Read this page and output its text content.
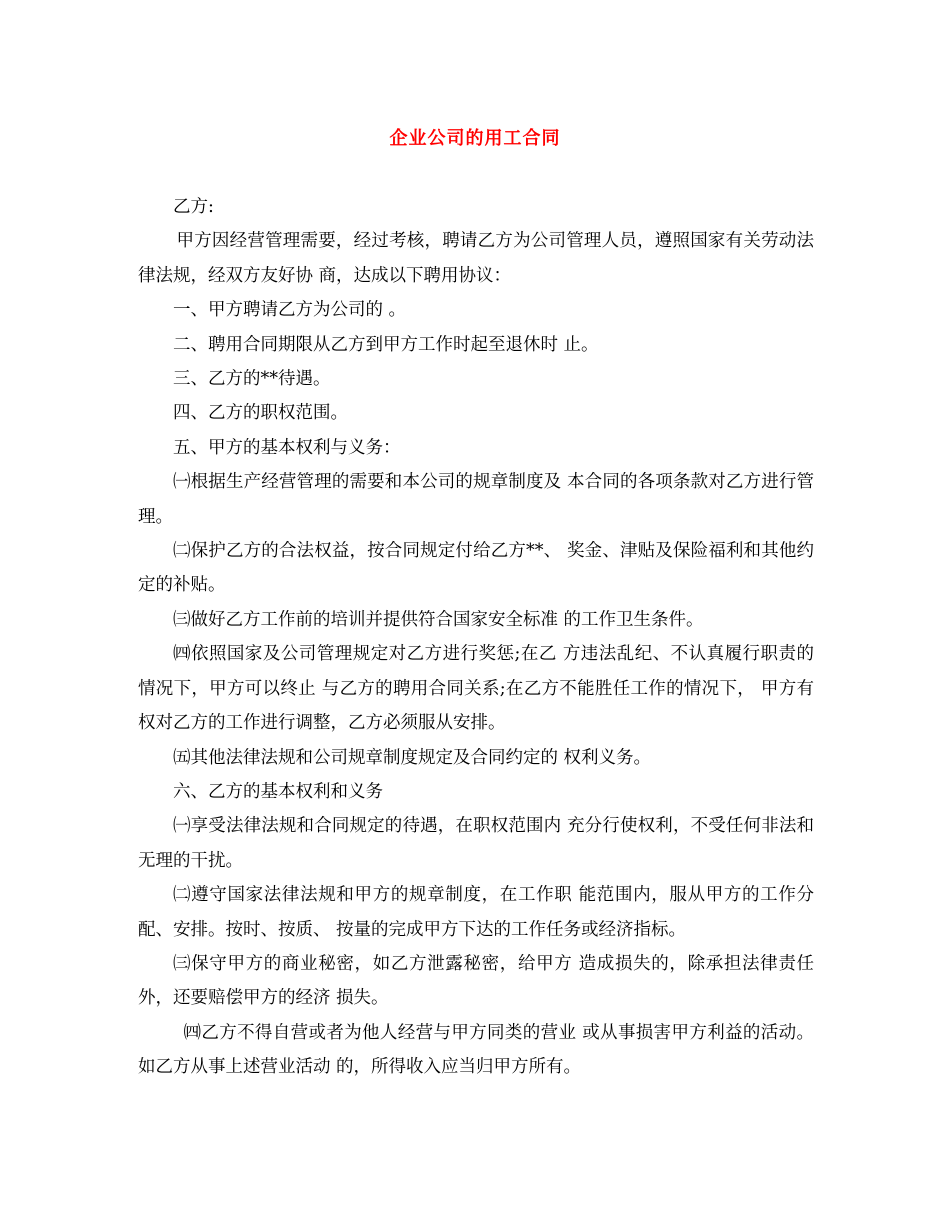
企业公司的用工合同

乙方:

甲方因经营管理需要，经过考核，聘请乙方为公司管理人员，遵照国家有关劳动法律法规，经双方友好协 商，达成以下聘用协议：

一、甲方聘请乙方为公司的 。

二、聘用合同期限从乙方到甲方工作时起至退休时 止。

三、乙方的**待遇。

四、乙方的职权范围。

五、甲方的基本权利与义务：

㈠根据生产经营管理的需要和本公司的规章制度及 本合同的各项条款对乙方进行管理。

㈡保护乙方的合法权益，按合同规定付给乙方**、 奖金、津贴及保险福利和其他约定的补贴。

㈢做好乙方工作前的培训并提供符合国家安全标准 的工作卫生条件。

㈣依照国家及公司管理规定对乙方进行奖惩;在乙 方违法乱纪、不认真履行职责的情况下，甲方可以终止 与乙方的聘用合同关系;在乙方不能胜任工作的情况下， 甲方有权对乙方的工作进行调整，乙方必须服从安排。

㈤其他法律法规和公司规章制度规定及合同约定的 权利义务。

六、乙方的基本权利和义务

㈠享受法律法规和合同规定的待遇，在职权范围内 充分行使权利，不受任何非法和无理的干扰。

㈡遵守国家法律法规和甲方的规章制度，在工作职 能范围内，服从甲方的工作分配、安排。按时、按质、 按量的完成甲方下达的工作任务或经济指标。

㈢保守甲方的商业秘密，如乙方泄露秘密，给甲方 造成损失的，除承担法律责任外，还要赔偿甲方的经济 损失。

㈣乙方不得自营或者为他人经营与甲方同类的营业 或从事损害甲方利益的活动。如乙方从事上述营业活动 的，所得收入应当归甲方所有。
